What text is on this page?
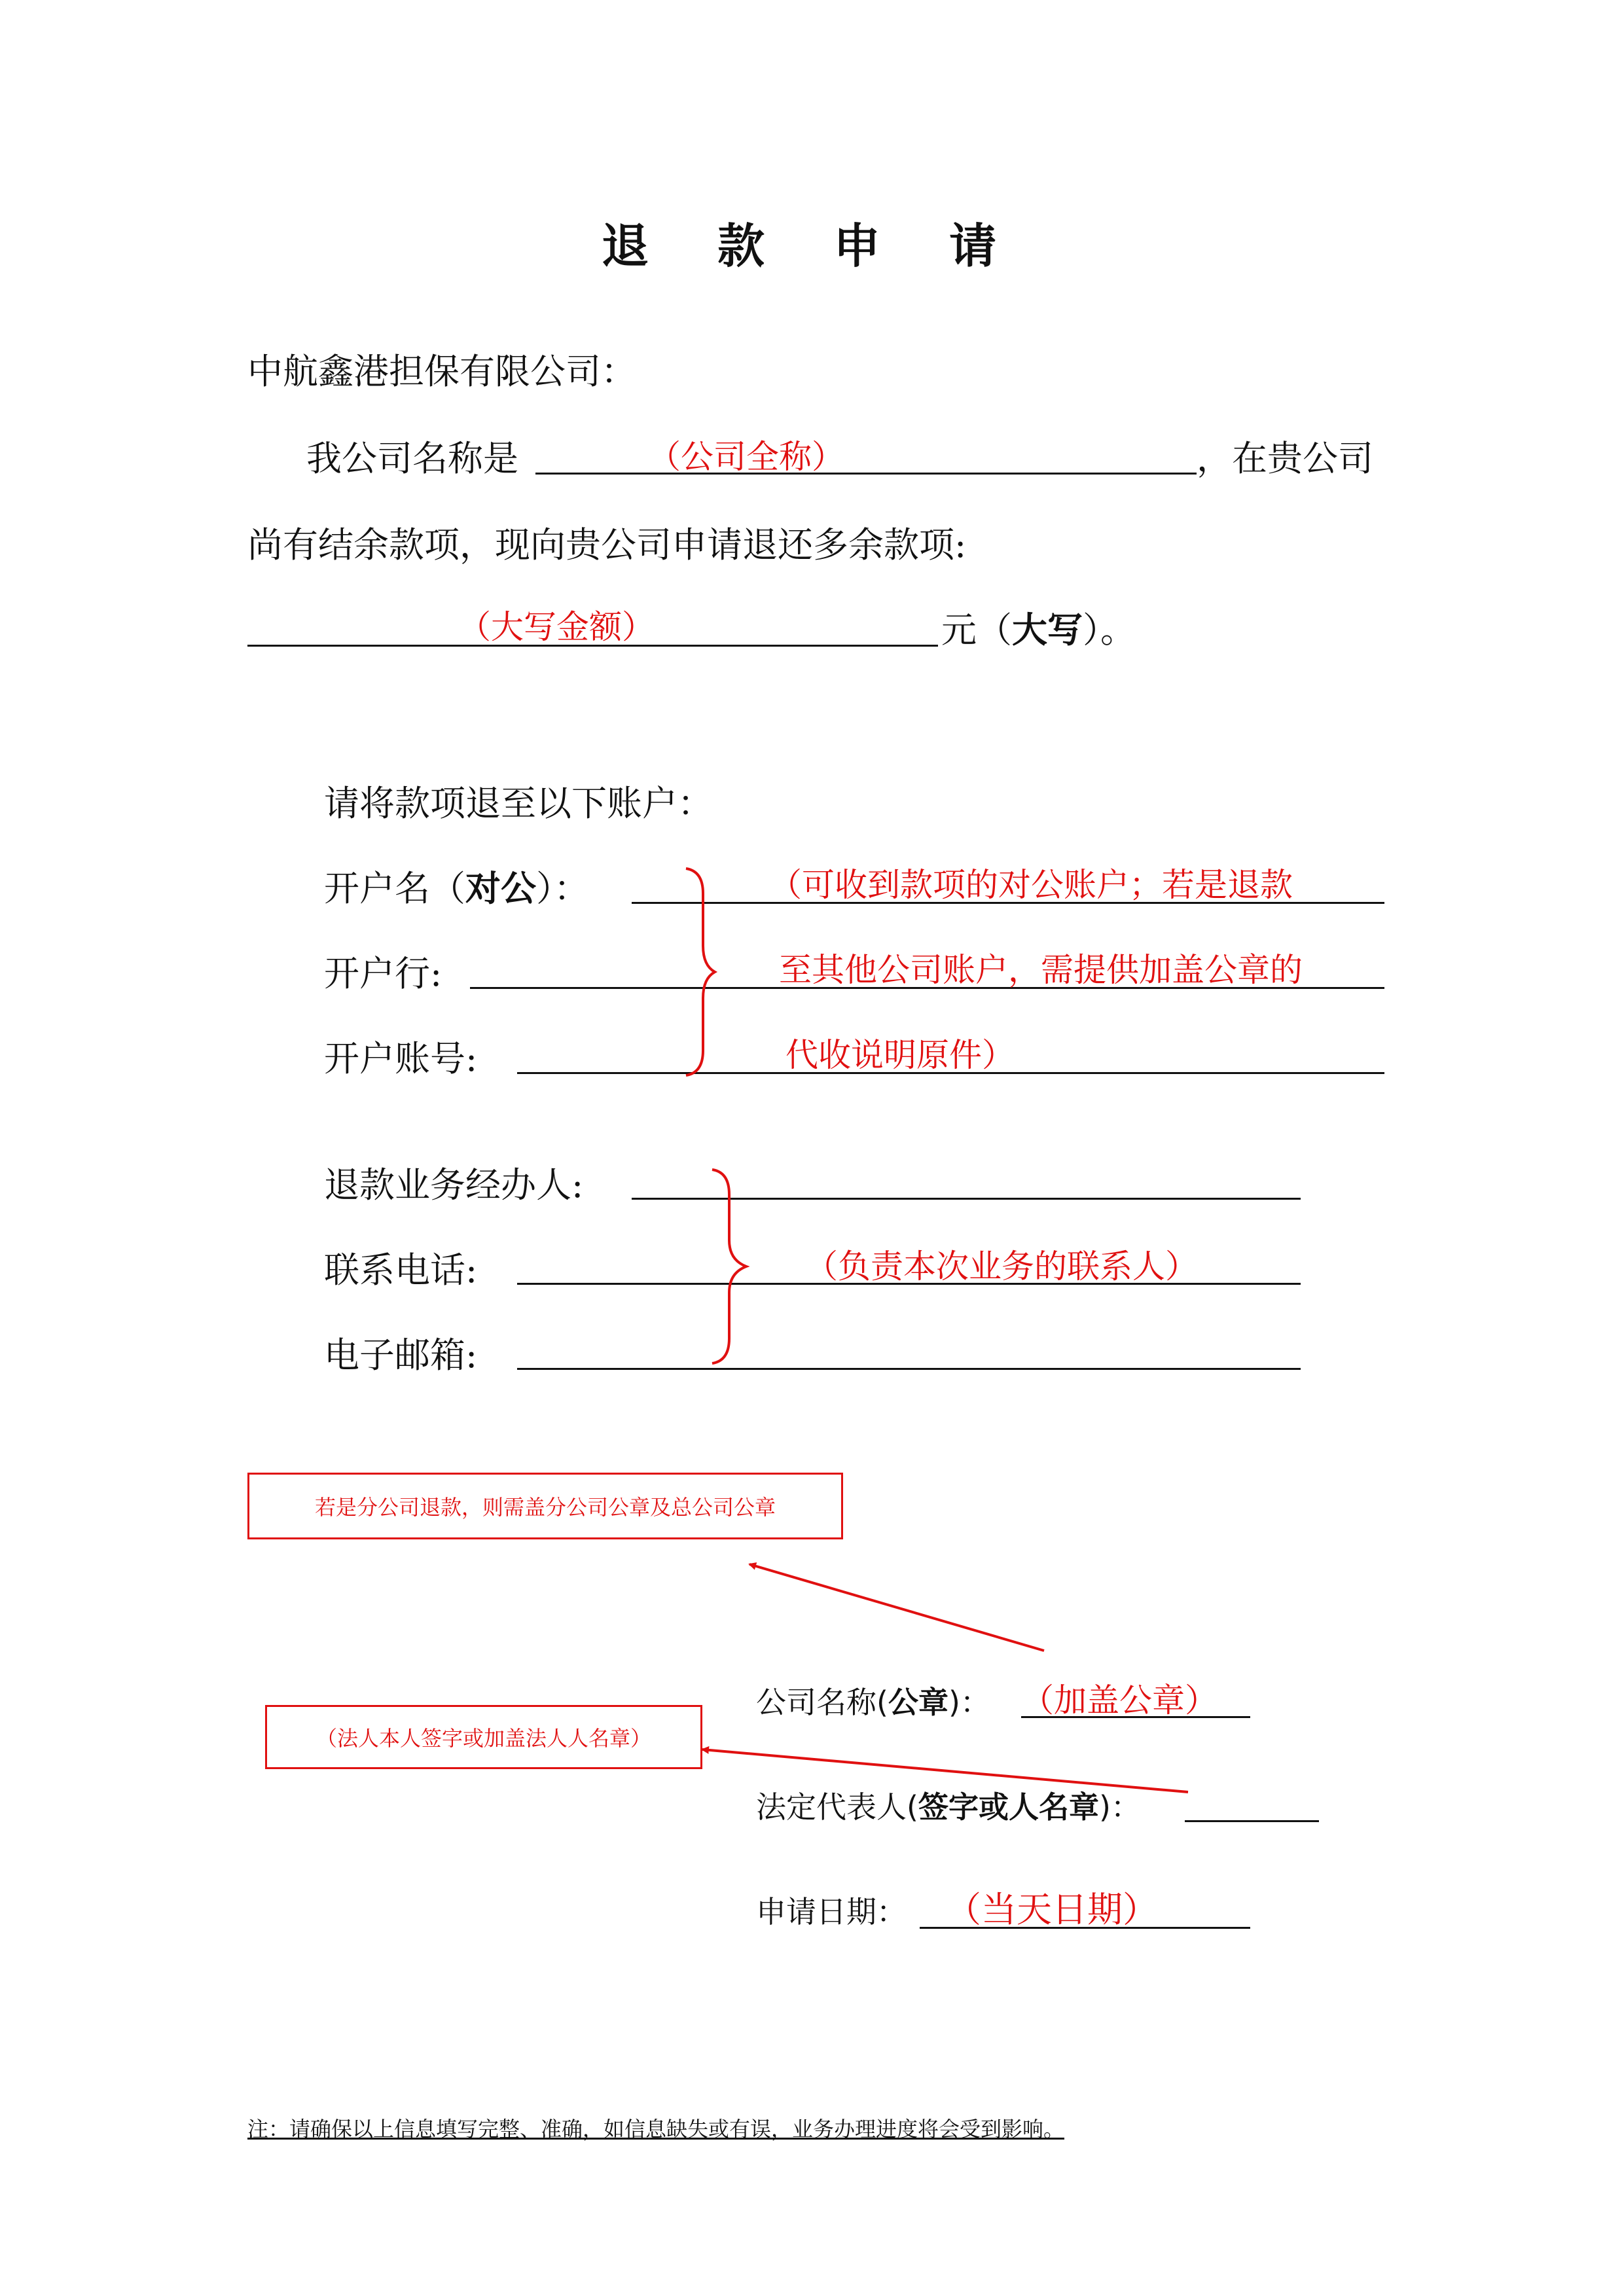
退 款 申 请
中航鑫港担保有限公司：
我公司名称是	（公司全称）	，在贵公司
尚有结余款项，现向贵公司申请退还多余款项:
（大写金额）	元（大写）。
请将款项退至以下账户：
开户名（对公）：
开户行:
开户账号:
（可收到款项的对公账户；若是退款
至其他公司账户，需提供加盖公章的
代收说明原件）
退款业务经办人:
联系电话:
电子邮箱:
（负责本次业务的联系人）
若是分公司退款，则需盖分公司公章及总公司公章
（法人本人签字或加盖法人人名章）
公司名称(公章)： （加盖公章）
法定代表人(签字或人名章)：
申请日期： （当天日期）
注：请确保以上信息填写完整、准确，如信息缺失或有误，业务办理进度将会受到影响。
